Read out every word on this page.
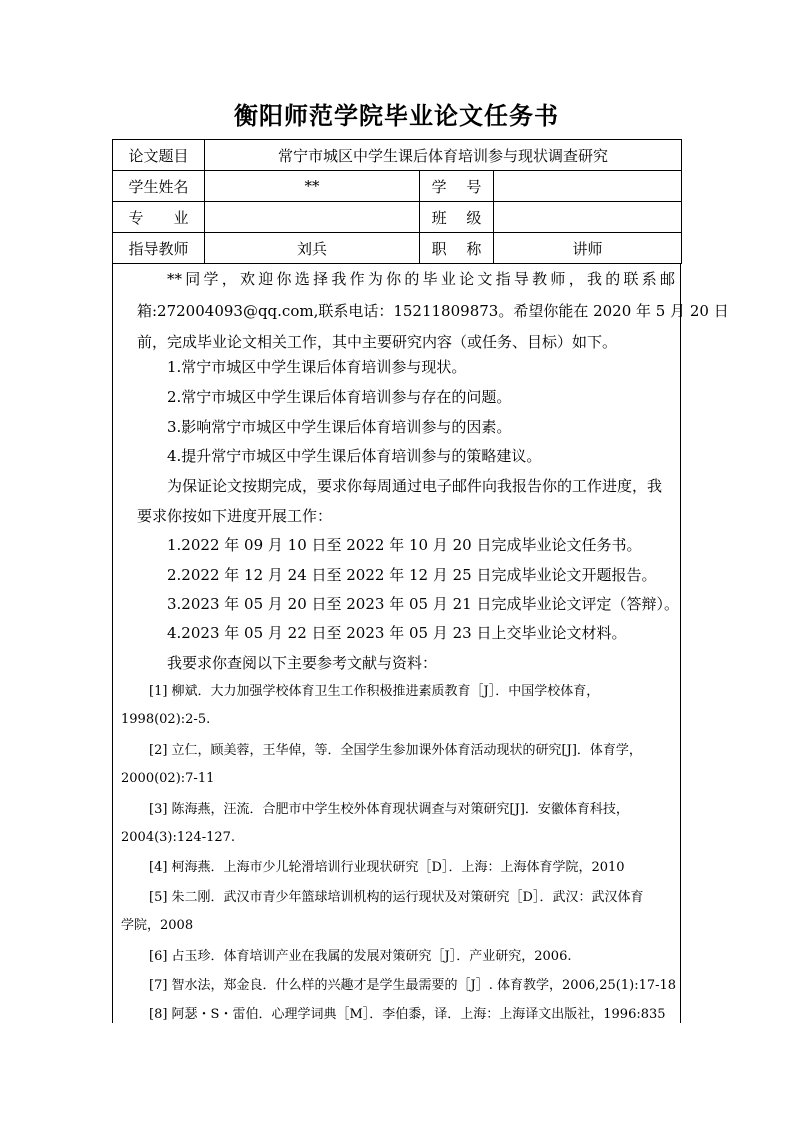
衡阳师范学院毕业论文任务书
论文题目	常宁市城区中学生课后体育培训参与现状调查研究		
学生姓名	**	学　 号	
专　　业		班　 级	
指导教师	刘兵	职　 称	讲师

**同学，欢迎你选择我作为你的毕业论文指导教师，我的联系邮

箱:272004093@qq.com,联系电话：15211809873。希望你能在 2020 年 5 月 20 日

前，完成毕业论文相关工作，其中主要研究内容（或任务、目标）如下。

1.常宁市城区中学生课后体育培训参与现状。

2.常宁市城区中学生课后体育培训参与存在的问题。

3.影响常宁市城区中学生课后体育培训参与的因素。

4.提升常宁市城区中学生课后体育培训参与的策略建议。

为保证论文按期完成，要求你每周通过电子邮件向我报告你的工作进度，我

要求你按如下进度开展工作：

1.2022 年 09 月 10 日至 2022 年 10 月 20 日完成毕业论文任务书。

2.2022 年 12 月 24 日至 2022 年 12 月 25 日完成毕业论文开题报告。

3.2023 年 05 月 20 日至 2023 年 05 月 21 日完成毕业论文评定（答辩）。

4.2023 年 05 月 22 日至 2023 年 05 月 23 日上交毕业论文材料。

我要求你查阅以下主要参考文献与资料：

[1] 柳斌．大力加强学校体育卫生工作积极推进素质教育［J］．中国学校体育，

1998(02):2-5.

[2] 立仁，顾美蓉，王华倬，等．全国学生参加课外体育活动现状的研究[J]．体育学，

2000(02):7-11

[3] 陈海燕，汪流．合肥市中学生校外体育现状调查与对策研究[J]．安徽体育科技，

2004(3):124-127.

[4] 柯海燕．上海市少儿轮滑培训行业现状研究［D］．上海：上海体育学院，2010

[5] 朱二刚．武汉市青少年篮球培训机构的运行现状及对策研究［D］．武汉：武汉体育

学院，2008

[6] 占玉珍．体育培训产业在我属的发展对策研究［J］．产业研究，2006.

[7] 智水法，郑金良．什么样的兴趣才是学生最需要的［J］. 体育教学，2006,25(1):17-18

[8] 阿瑟・S・雷伯．心理学词典［M］．李伯黍，译．上海：上海译文出版社，1996:835
